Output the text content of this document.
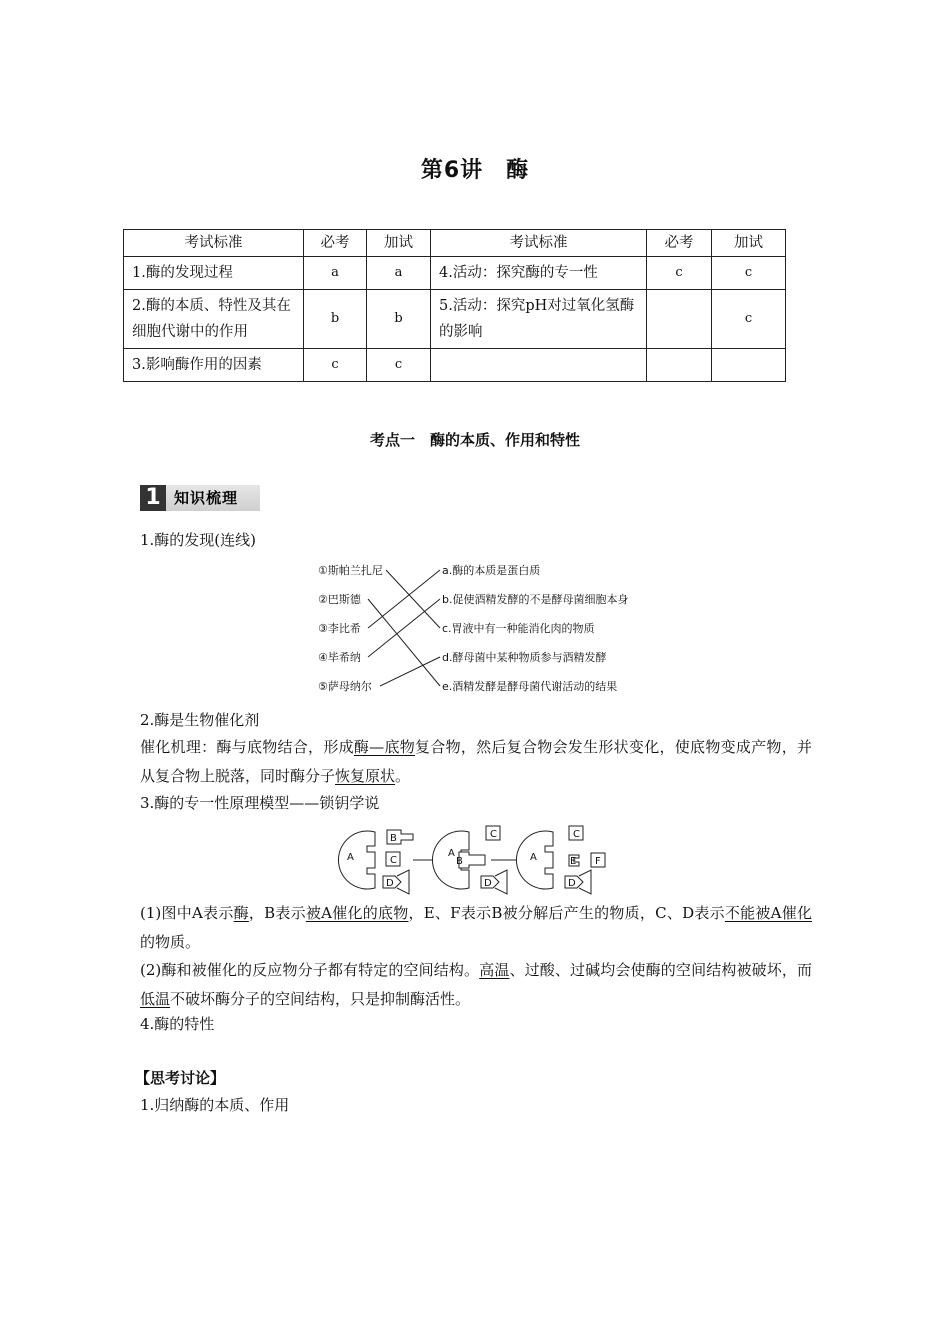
第6讲　酶
考试标准	必考	加试	考试标准	必考	加试
1.酶的发现过程	a	a	4.活动：探究酶的专一性	c	c
2.酶的本质、特性及其在细胞代谢中的作用	b	b	5.活动：探究pH对过氧化氢酶的影响		c
3.影响酶作用的因素	c	c			
考点一　酶的本质、作用和特性
1 知识梳理
1.酶的发现(连线)
①斯帕兰扎尼
②巴斯德
③李比希
④毕希纳
⑤萨母纳尔
a.酶的本质是蛋白质
b.促使酒精发酵的不是酵母菌细胞本身
c.胃液中有一种能消化肉的物质
d.酵母菌中某种物质参与酒精发酵
e.酒精发酵是酵母菌代谢活动的结果
2.酶是生物催化剂
催化机理：酶与底物结合，形成酶—底物复合物，然后复合物会发生形状变化，使底物变成产物，并从复合物上脱落，同时酶分子恢复原状。
3.酶的专一性原理模型——锁钥学说
A
B
C
D
A
B
C
D
A
C
E F
D
(1)图中A表示酶，B表示被A催化的底物，E、F表示B被分解后产生的物质，C、D表示不能被A催化的物质。
(2)酶和被催化的反应物分子都有特定的空间结构。高温、过酸、过碱均会使酶的空间结构被破坏，而低温不破坏酶分子的空间结构，只是抑制酶活性。
4.酶的特性
【思考讨论】
1.归纳酶的本质、作用
